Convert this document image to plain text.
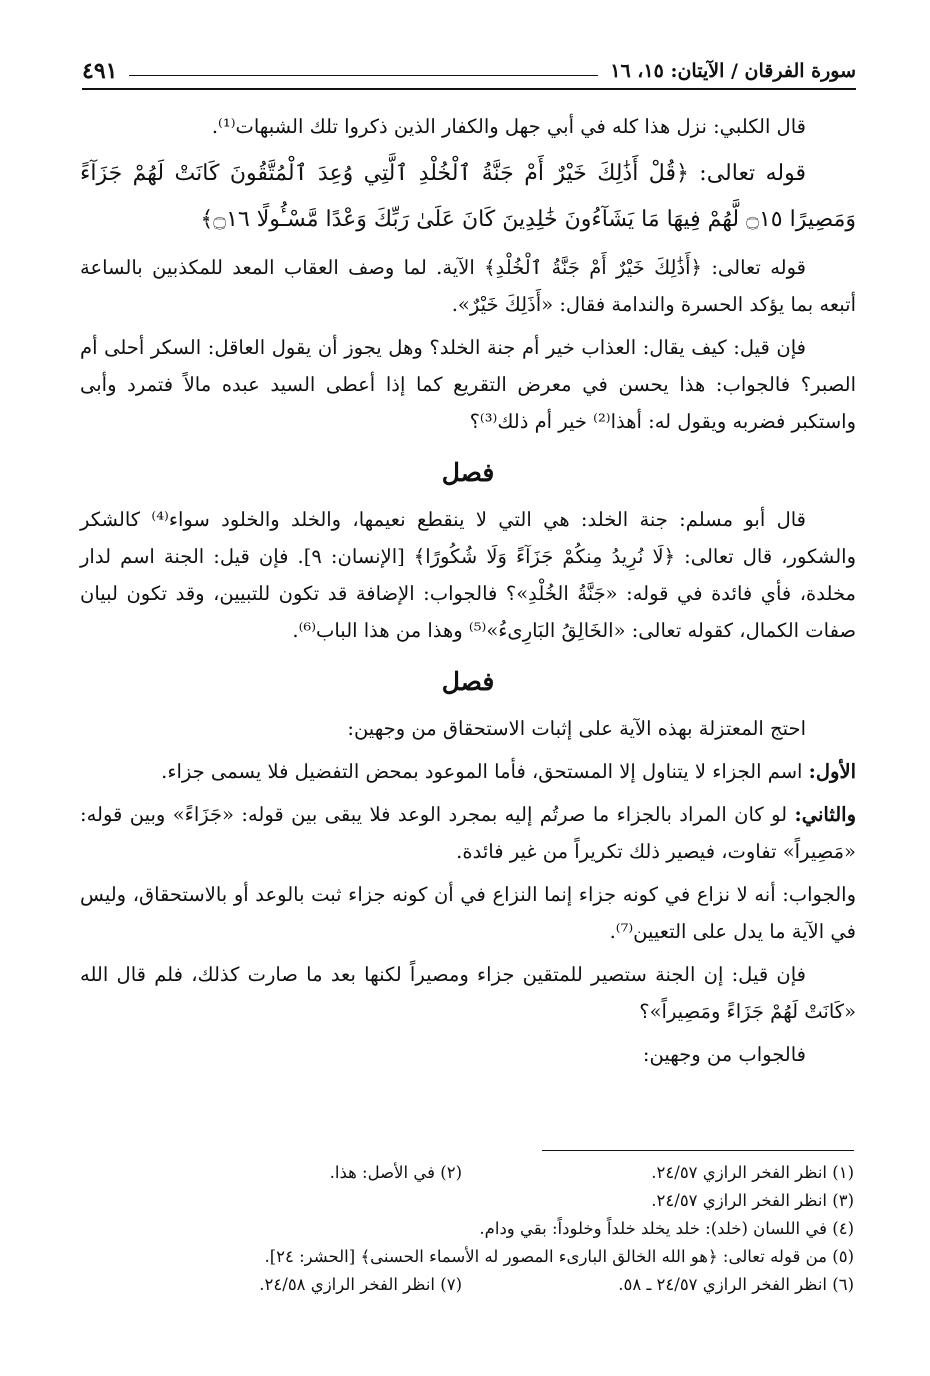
سورة الفرقان / الآيتان: ١٥، ١٦
٤٩١

قال الكلبي: نزل هذا كله في أبي جهل والكفار الذين ذكروا تلك الشبهات⁽¹⁾.

قوله تعالى: ﴿قُلْ أَذَٰلِكَ خَيْرٌ أَمْ جَنَّةُ ٱلْخُلْدِ ٱلَّتِي وُعِدَ ٱلْمُتَّقُونَ كَانَتْ لَهُمْ جَزَآءً وَمَصِيرًا ۝١٥ لَّهُمْ فِيهَا مَا يَشَآءُونَ خَٰلِدِينَ كَانَ عَلَىٰ رَبِّكَ وَعْدًا مَّسْـُٔولًا ۝١٦﴾

قوله تعالى: ﴿أَذَٰلِكَ خَيْرٌ أَمْ جَنَّةُ ٱلْخُلْدِ﴾ الآية. لما وصف العقاب المعد للمكذبين بالساعة أتبعه بما يؤكد الحسرة والندامة فقال: «أَذَلِكَ خَيْرٌ».

فإن قيل: كيف يقال: العذاب خير أم جنة الخلد؟ وهل يجوز أن يقول العاقل: السكر أحلى أم الصبر؟ فالجواب: هذا يحسن في معرض التقريع كما إذا أعطى السيد عبده مالاً فتمرد وأبى واستكبر فضربه ويقول له: أهذا⁽²⁾ خير أم ذلك⁽³⁾؟

فصل

قال أبو مسلم: جنة الخلد: هي التي لا ينقطع نعيمها، والخلد والخلود سواء⁽⁴⁾ كالشكر والشكور، قال تعالى: ﴿لَا نُرِيدُ مِنكُمْ جَزَآءً وَلَا شُكُورًا﴾ [الإنسان: ٩]. فإن قيل: الجنة اسم لدار مخلدة، فأي فائدة في قوله: «جَنَّةُ الخُلْدِ»؟ فالجواب: الإضافة قد تكون للتبيين، وقد تكون لبيان صفات الكمال، كقوله تعالى: «الخَالِقُ البَارِىءُ»⁽⁵⁾ وهذا من هذا الباب⁽⁶⁾.

فصل

احتج المعتزلة بهذه الآية على إثبات الاستحقاق من وجهين:

الأول: اسم الجزاء لا يتناول إلا المستحق، فأما الموعود بمحض التفضيل فلا يسمى جزاء.

والثاني: لو كان المراد بالجزاء ما صرتُم إليه بمجرد الوعد فلا يبقى بين قوله: «جَزَاءً» وبين قوله: «مَصِيراً» تفاوت، فيصير ذلك تكريراً من غير فائدة.

والجواب: أنه لا نزاع في كونه جزاء إنما النزاع في أن كونه جزاء ثبت بالوعد أو بالاستحقاق، وليس في الآية ما يدل على التعيين⁽⁷⁾.

فإن قيل: إن الجنة ستصير للمتقين جزاء ومصيراً لكنها بعد ما صارت كذلك، فلم قال الله «كَانَتْ لَهُمْ جَزَاءً ومَصِيراً»؟

فالجواب من وجهين:

(١) انظر الفخر الرازي ٢٤/٥٧.
(٢) في الأصل: هذا.
(٣) انظر الفخر الرازي ٢٤/٥٧.
(٤) في اللسان (خلد): خلد يخلد خلداً وخلوداً: بقي ودام.
(٥) من قوله تعالى: ﴿هو الله الخالق البارىء المصور له الأسماء الحسنى﴾ [الحشر: ٢٤].
(٦) انظر الفخر الرازي ٢٤/٥٧ ـ ٥٨.
(٧) انظر الفخر الرازي ٢٤/٥٨.
